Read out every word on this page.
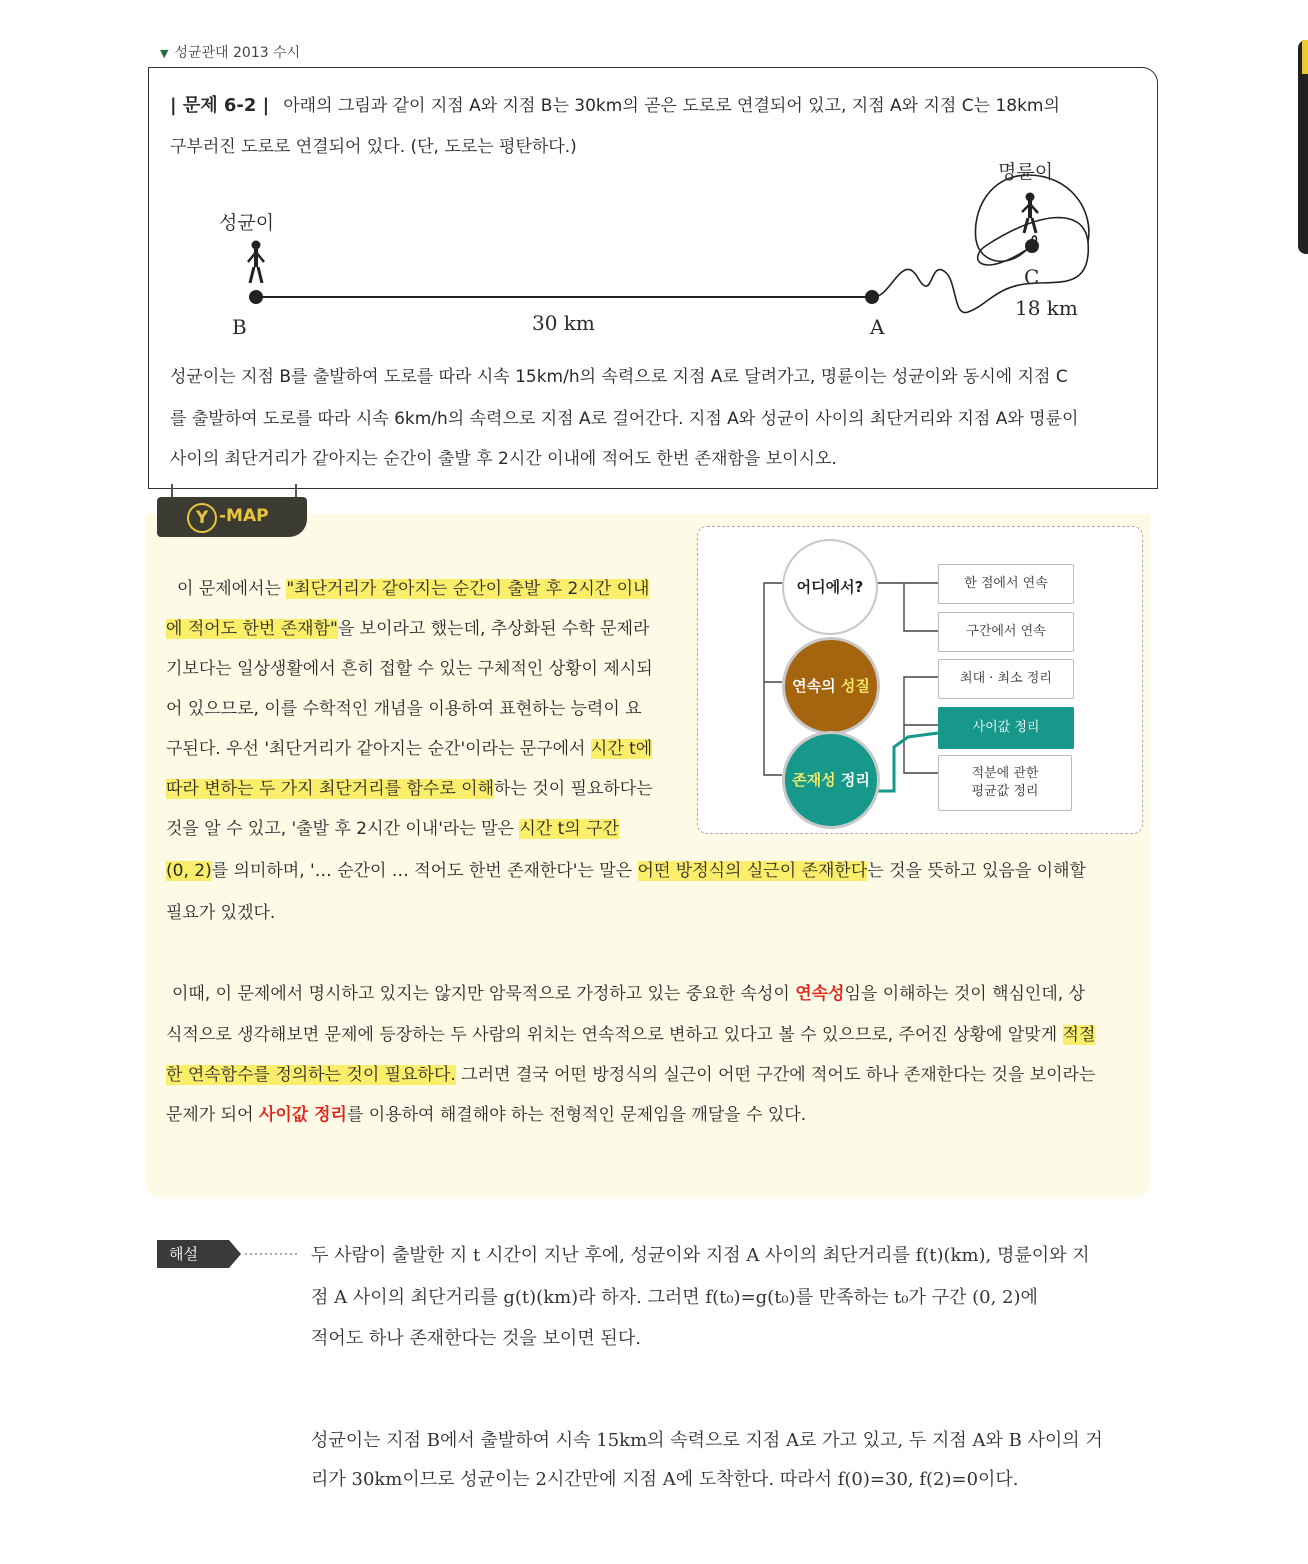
▼ 성균관대 2013 수시
| 문제 6-2 | 아래의 그림과 같이 지점 A와 지점 B는 30km의 곧은 도로로 연결되어 있고, 지점 A와 지점 C는 18km의
구부러진 도로로 연결되어 있다. (단, 도로는 평탄하다.)
성균이
명륜이
B	A
C
30 km
18 km
성균이는 지점 B를 출발하여 도로를 따라 시속 15km/h의 속력으로 지점 A로 달려가고, 명륜이는 성균이와 동시에 지점 C
를 출발하여 도로를 따라 시속 6km/h의 속력으로 지점 A로 걸어간다. 지점 A와 성균이 사이의 최단거리와 지점 A와 명륜이
사이의 최단거리가 같아지는 순간이 출발 후 2시간 이내에 적어도 한번 존재함을 보이시오.
Y -MAP
이 문제에서는 "최단거리가 같아지는 순간이 출발 후 2시간 이내
에 적어도 한번 존재함"을 보이라고 했는데, 추상화된 수학 문제라
기보다는 일상생활에서 흔히 접할 수 있는 구체적인 상황이 제시되
어 있으므로, 이를 수학적인 개념을 이용하여 표현하는 능력이 요
구된다. 우선 '최단거리가 같아지는 순간'이라는 문구에서 시간 t에
따라 변하는 두 가지 최단거리를 함수로 이해하는 것이 필요하다는
것을 알 수 있고, '출발 후 2시간 이내'라는 말은 시간 t의 구간
(0, 2)를 의미하며, '… 순간이 … 적어도 한번 존재한다'는 말은 어떤 방정식의 실근이 존재한다는 것을 뜻하고 있음을 이해할
필요가 있겠다.
이때, 이 문제에서 명시하고 있지는 않지만 암묵적으로 가정하고 있는 중요한 속성이 연속성임을 이해하는 것이 핵심인데, 상
식적으로 생각해보면 문제에 등장하는 두 사람의 위치는 연속적으로 변하고 있다고 볼 수 있으므로, 주어진 상황에 알맞게 적절
한 연속함수를 정의하는 것이 필요하다. 그러면 결국 어떤 방정식의 실근이 어떤 구간에 적어도 하나 존재한다는 것을 보이라는
문제가 되어 사이값 정리를 이용하여 해결해야 하는 전형적인 문제임을 깨달을 수 있다.
어디에서?
연속의 성질
존재성 정리
한 점에서 연속
구간에서 연속
최대 · 최소 정리
사이값 정리
적분에 관한
평균값 정리
해설	두 사람이 출발한 지 t 시간이 지난 후에, 성균이와 지점 A 사이의 최단거리를 f(t)(km), 명륜이와 지
점 A 사이의 최단거리를 g(t)(km)라 하자. 그러면 f(t₀)=g(t₀)를 만족하는 t₀가 구간 (0, 2)에
적어도 하나 존재한다는 것을 보이면 된다.
성균이는 지점 B에서 출발하여 시속 15km의 속력으로 지점 A로 가고 있고, 두 지점 A와 B 사이의 거
리가 30km이므로 성균이는 2시간만에 지점 A에 도착한다. 따라서 f(0)=30, f(2)=0이다.
